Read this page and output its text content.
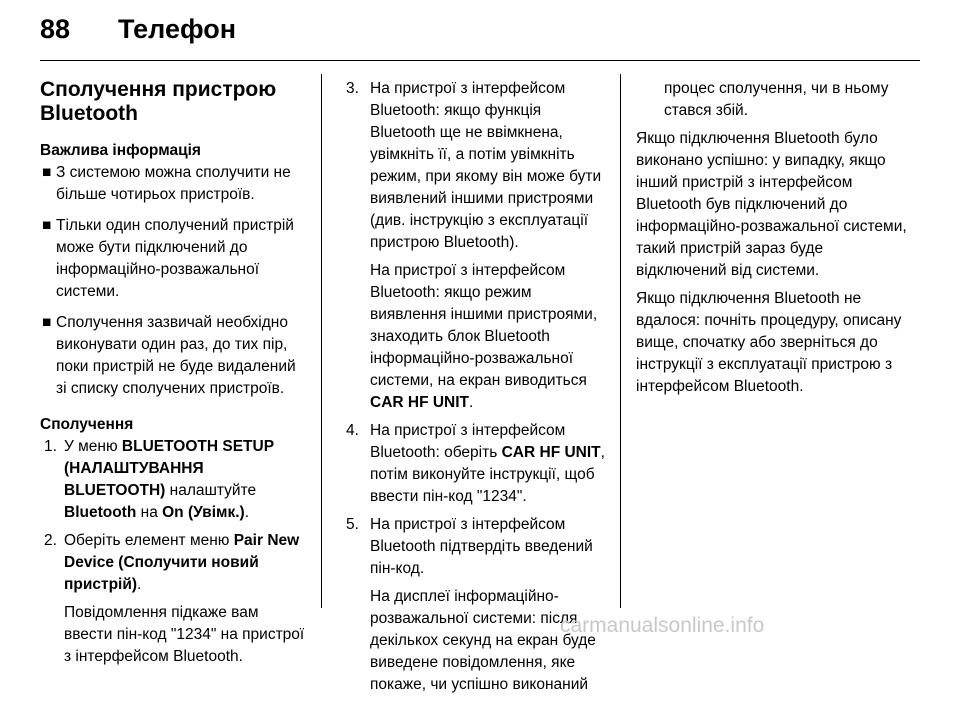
88 Телефон
Сполучення пристрою
Bluetooth
Важлива інформація
■ З системою можна сполучити не більше чотирьох пристроїв.
■ Тільки один сполучений пристрій може бути підключений до інформаційно-розважальної системи.
■ Сполучення зазвичай необхідно виконувати один раз, до тих пір, поки пристрій не буде видалений зі списку сполучених пристроїв.
Сполучення
1. У меню BLUETOOTH SETUP (НАЛАШТУВАННЯ BLUETOOTH) налаштуйте Bluetooth на On (Увімк.).
2. Оберіть елемент меню Pair New Device (Сполучити новий пристрій).
Повідомлення підкаже вам ввести пін-код "1234" на пристрої з інтерфейсом Bluetooth.
3. На пристрої з інтерфейсом Bluetooth: якщо функція Bluetooth ще не ввімкнена, увімкніть її, а потім увімкніть режим, при якому він може бути виявлений іншими пристроями (див. інструкцію з експлуатації пристрою Bluetooth).
На пристрої з інтерфейсом Bluetooth: якщо режим виявлення іншими пристроями, знаходить блок Bluetooth інформаційно-розважальної системи, на екран виводиться CAR HF UNIT.
4. На пристрої з інтерфейсом Bluetooth: оберіть CAR HF UNIT, потім виконуйте інструкції, щоб ввести пін-код "1234".
5. На пристрої з інтерфейсом Bluetooth підтвердіть введений пін-код.
На дисплеї інформаційно-розважальної системи: після декількох секунд на екран буде виведене повідомлення, яке покаже, чи успішно виконаний
процес сполучення, чи в ньому стався збій.
Якщо підключення Bluetooth було виконано успішно: у випадку, якщо інший пристрій з інтерфейсом Bluetooth був підключений до інформаційно-розважальної системи, такий пристрій зараз буде відключений від системи.
Якщо підключення Bluetooth не вдалося: почніть процедуру, описану вище, спочатку або зверніться до інструкції з експлуатації пристрою з інтерфейсом Bluetooth.
carmanualsonline.info
